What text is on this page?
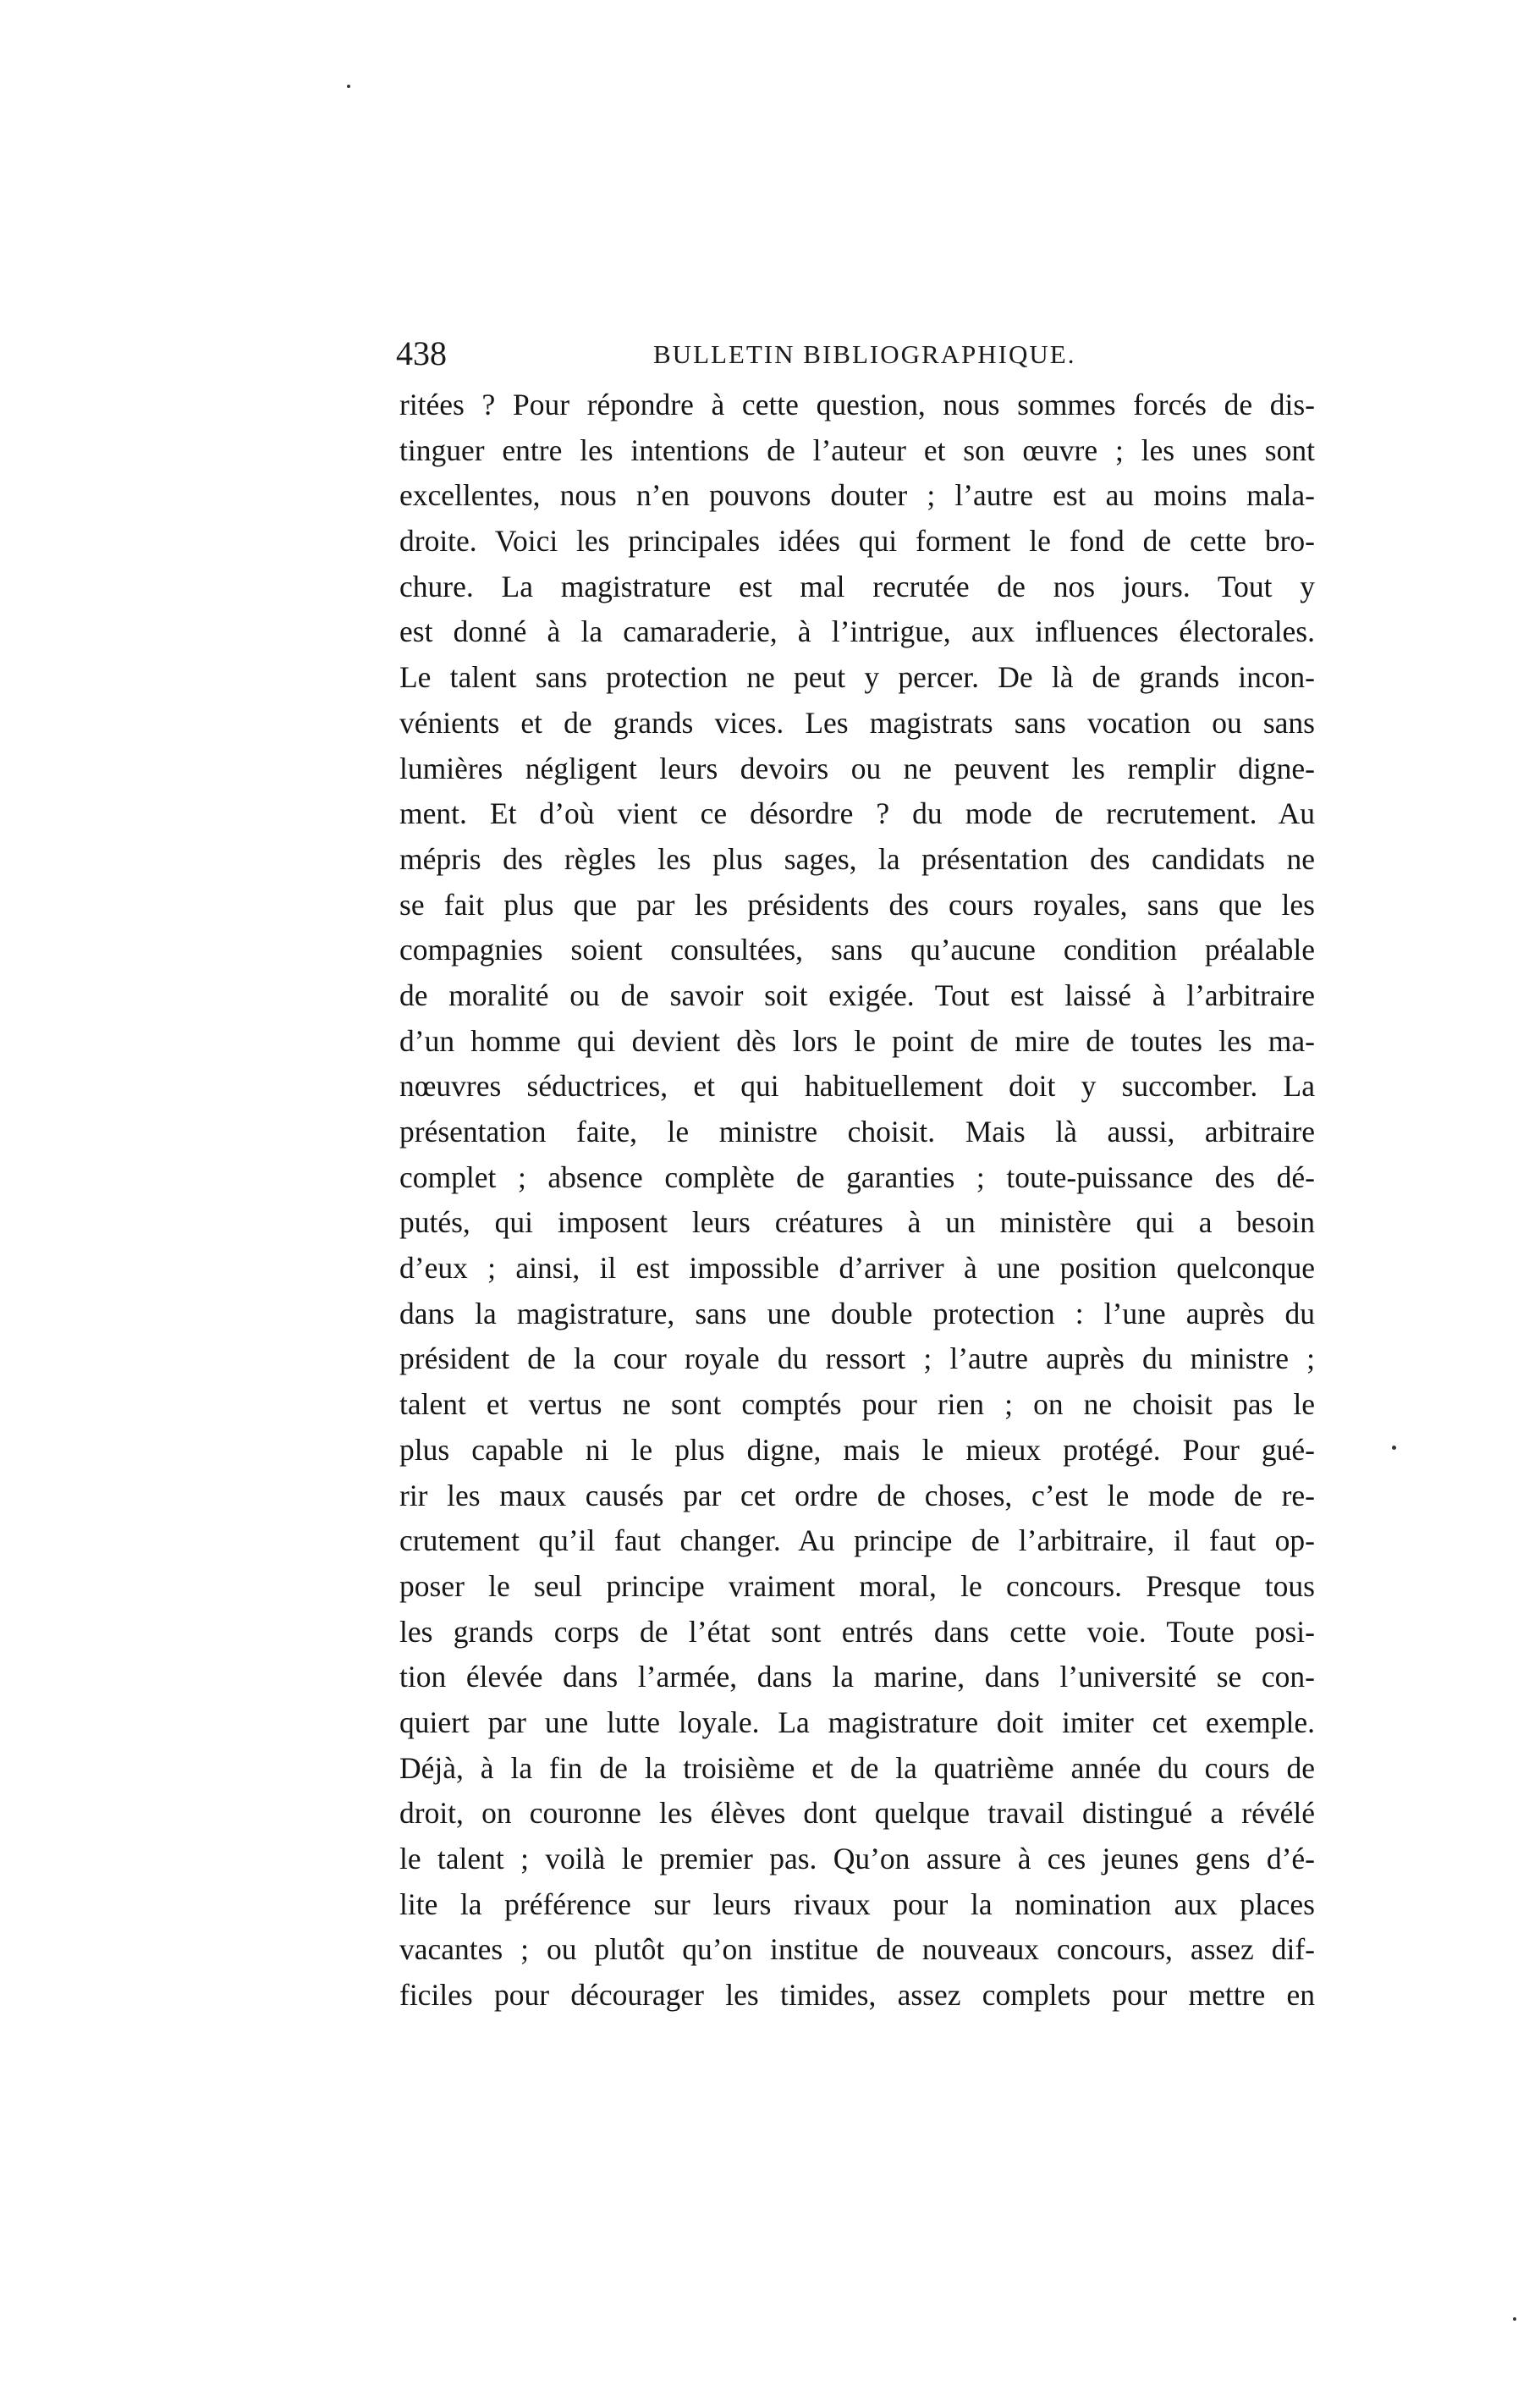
438	BULLETIN BIBLIOGRAPHIQUE.
ritées ? Pour répondre à cette question, nous sommes forcés de dis-
tinguer entre les intentions de l’auteur et son œuvre ; les unes sont
excellentes, nous n’en pouvons douter ; l’autre est au moins mala-
droite. Voici les principales idées qui forment le fond de cette bro-
chure. La magistrature est mal recrutée de nos jours. Tout y
est donné à la camaraderie, à l’intrigue, aux influences électorales.
Le talent sans protection ne peut y percer. De là de grands incon-
vénients et de grands vices. Les magistrats sans vocation ou sans
lumières négligent leurs devoirs ou ne peuvent les remplir digne-
ment. Et d’où vient ce désordre ? du mode de recrutement. Au
mépris des règles les plus sages, la présentation des candidats ne
se fait plus que par les présidents des cours royales, sans que les
compagnies soient consultées, sans qu’aucune condition préalable
de moralité ou de savoir soit exigée. Tout est laissé à l’arbitraire
d’un homme qui devient dès lors le point de mire de toutes les ma-
nœuvres séductrices, et qui habituellement doit y succomber. La
présentation faite, le ministre choisit. Mais là aussi, arbitraire
complet ; absence complète de garanties ; toute-puissance des dé-
putés, qui imposent leurs créatures à un ministère qui a besoin
d’eux ; ainsi, il est impossible d’arriver à une position quelconque
dans la magistrature, sans une double protection : l’une auprès du
président de la cour royale du ressort ; l’autre auprès du ministre ;
talent et vertus ne sont comptés pour rien ; on ne choisit pas le
plus capable ni le plus digne, mais le mieux protégé. Pour gué-
rir les maux causés par cet ordre de choses, c’est le mode de re-
crutement qu’il faut changer. Au principe de l’arbitraire, il faut op-
poser le seul principe vraiment moral, le concours. Presque tous
les grands corps de l’état sont entrés dans cette voie. Toute posi-
tion élevée dans l’armée, dans la marine, dans l’université se con-
quiert par une lutte loyale. La magistrature doit imiter cet exemple.
Déjà, à la fin de la troisième et de la quatrième année du cours de
droit, on couronne les élèves dont quelque travail distingué a révélé
le talent ; voilà le premier pas. Qu’on assure à ces jeunes gens d’é-
lite la préférence sur leurs rivaux pour la nomination aux places
vacantes ; ou plutôt qu’on institue de nouveaux concours, assez dif-
ficiles pour décourager les timides, assez complets pour mettre en
